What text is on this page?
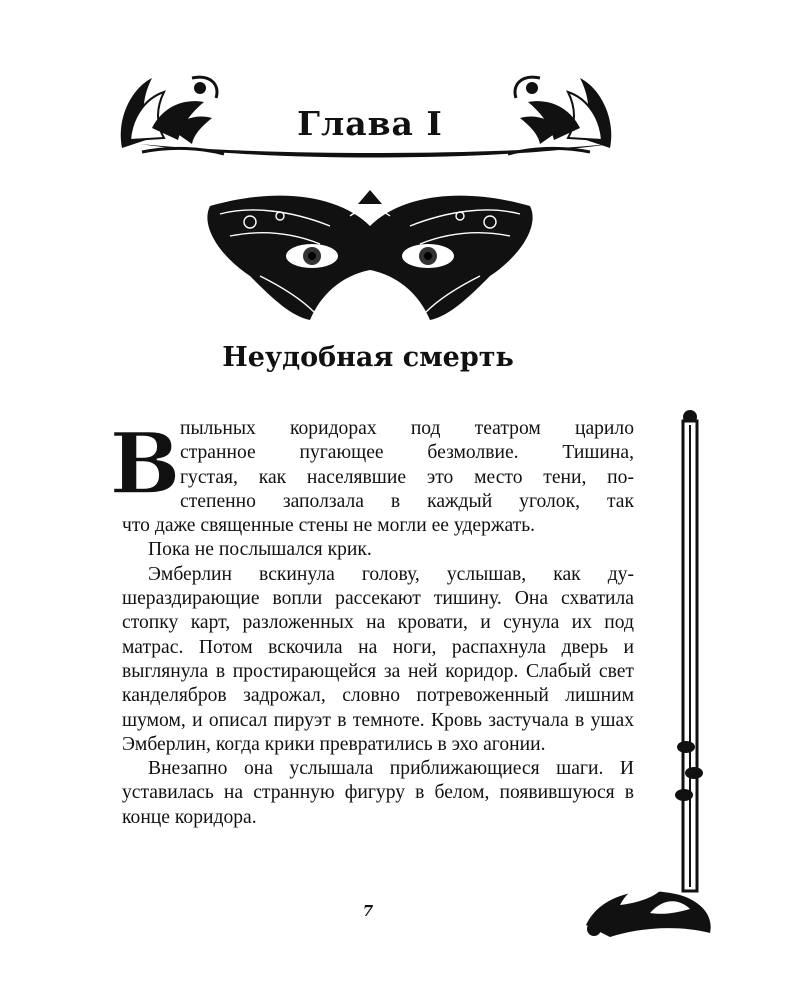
Глава I
Неудобная смерть
В пыльных коридорах под театром царило
странное пугающее безмолвие. Тишина,
густая, как населявшие это место тени, по-
степенно заползала в каждый уголок, так
что даже священные стены не могли ее удержать.

Пока не послышался крик.

Эмберлин вскинула голову, услышав, как душераздирающие вопли рассекают тишину. Она схватила стопку карт, разложенных на кровати, и сунула их под матрас. Потом вскочила на ноги, распахнула дверь и выглянула в простирающейся за ней коридор. Слабый свет канделябров задрожал, словно потревоженный лишним шумом, и описал пируэт в темноте. Кровь застучала в ушах Эмберлин, когда крики превратились в эхо агонии.

Внезапно она услышала приближающиеся шаги. И уставилась на странную фигуру в белом, появившуюся в конце коридора.

7
